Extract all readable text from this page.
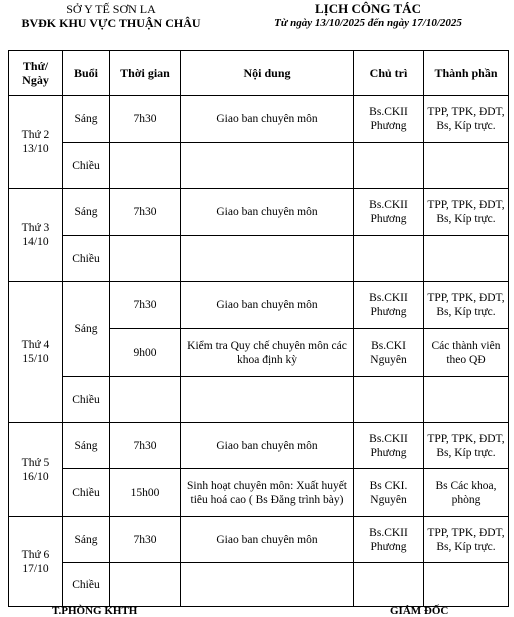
SỞ Y TẾ SƠN LA
BVĐK KHU VỰC THUẬN CHÂU
LỊCH CÔNG TÁC
Từ ngày 13/10/2025 đến ngày 17/10/2025
Thứ/ Ngày	Buổi	Thời gian	Nội dung	Chủ trì	Thành phần
Thứ 2 13/10	Sáng	7h30	Giao ban chuyên môn	Bs.CKII Phương	TPP, TPK, ĐDT, Bs, Kíp trực.
	Chiều				
Thứ 3 14/10	Sáng	7h30	Giao ban chuyên môn	Bs.CKII Phương	TPP, TPK, ĐDT, Bs, Kíp trực.
	Chiều				
Thứ 4 15/10	Sáng	7h30	Giao ban chuyên môn	Bs.CKII Phương	TPP, TPK, ĐDT, Bs, Kíp trực.
		9h00	Kiểm tra Quy chế chuyên môn các khoa định kỳ	Bs.CKI Nguyên	Các thành viên theo QĐ
	Chiều				
Thứ 5 16/10	Sáng	7h30	Giao ban chuyên môn	Bs.CKII Phương	TPP, TPK, ĐDT, Bs, Kíp trực.
	Chiều	15h00	Sinh hoạt chuyên môn: Xuất huyết tiêu hoá cao ( Bs Đăng trình bày)	Bs CKI. Nguyên	Bs Các khoa, phòng
Thứ 6 17/10	Sáng	7h30	Giao ban chuyên môn	Bs.CKII Phương	TPP, TPK, ĐDT, Bs, Kíp trực.
	Chiều				
T.PHÒNG KHTH	GIÁM ĐỐC
